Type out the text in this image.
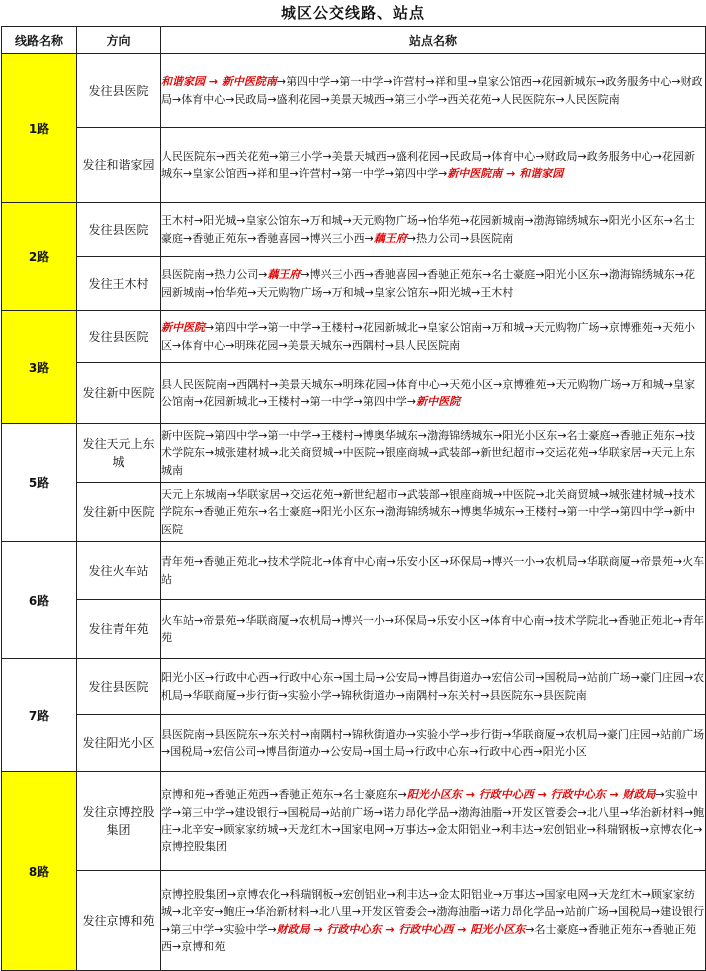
城区公交线路、站点
线路名称	方向	站点名称
1路	发往县医院	和谐家园 → 新中医院南→第四中学→第一中学→许营村→祥和里→皇家公馆西→花园新城东→政务服务中心→财政局→体育中心→民政局→盛利花园→美景天城西→第三小学→西关花苑→人民医院东→人民医院南
	发往和谐家园	人民医院东→西关花苑→第三小学→美景天城西→盛利花园→民政局→体育中心→财政局→政务服务中心→花园新城东→皇家公馆西→祥和里→许营村→第一中学→第四中学→新中医院南 → 和谐家园
2路	发往县医院	王木村→阳光城→皇家公馆东→万和城→天元购物广场→怡华苑→花园新城南→渤海锦绣城东→阳光小区东→名士豪庭→香驰正苑东→香驰喜园→博兴三小西→藕王府→热力公司→县医院南
	发往王木村	县医院南→热力公司→藕王府→博兴三小西→香驰喜园→香驰正苑东→名士豪庭→阳光小区东→渤海锦绣城东→花园新城南→怡华苑→天元购物广场→万和城→皇家公馆东→阳光城→王木村
3路	发往县医院	新中医院→第四中学→第一中学→王楼村→花园新城北→皇家公馆南→万和城→天元购物广场→京博雅苑→天苑小区→体育中心→明珠花园→美景天城东→西隅村→县人民医院南
	发往新中医院	县人民医院南→西隅村→美景天城东→明珠花园→体育中心→天苑小区→京博雅苑→天元购物广场→万和城→皇家公馆南→花园新城北→王楼村→第一中学→第四中学→新中医院
5路	发往天元上东城	新中医院→第四中学→第一中学→王楼村→博奥华城东→渤海锦绣城东→阳光小区东→名士豪庭→香驰正苑东→技术学院东→城张建材城→北关商贸城→中医院→银座商城→武装部→新世纪超市→交运花苑→华联家居→天元上东城南
	发往新中医院	天元上东城南→华联家居→交运花苑→新世纪超市→武装部→银座商城→中医院→北关商贸城→城张建材城→技术学院东→香驰正苑东→名士豪庭→阳光小区东→渤海锦绣城东→博奥华城东→王楼村→第一中学→第四中学→新中医院
6路	发往火车站	青年苑→香驰正苑北→技术学院北→体育中心南→乐安小区→环保局→博兴一小→农机局→华联商厦→帝景苑→火车站
	发往青年苑	火车站→帝景苑→华联商厦→农机局→博兴一小→环保局→乐安小区→体育中心南→技术学院北→香驰正苑北→青年苑
7路	发往县医院	阳光小区→行政中心西→行政中心东→国土局→公安局→博昌街道办→宏信公司→国税局→站前广场→豪门庄园→农机局→华联商厦→步行街→实验小学→锦秋街道办→南隅村→东关村→县医院东→县医院南
	发往阳光小区	县医院南→县医院东→东关村→南隅村→锦秋街道办→实验小学→步行街→华联商厦→农机局→豪门庄园→站前广场→国税局→宏信公司→博昌街道办→公安局→国土局→行政中心东→行政中心西→阳光小区
8路	发往京博控股集团	京博和苑→香驰正苑西→香驰正苑东→名士豪庭东→阳光小区东 → 行政中心西 → 行政中心东 → 财政局→实验中学→第三中学→建设银行→国税局→站前广场→诺力昂化学品→渤海油脂→开发区管委会→北八里→华治新材料→鲍庄→北辛安→顾家家纺城→天龙红木→国家电网→万事达→金太阳铝业→利丰达→宏创铝业→科瑞钢板→京博农化→京博控股集团
	发往京博和苑	京博控股集团→京博农化→科瑞钢板→宏创铝业→利丰达→金太阳铝业→万事达→国家电网→天龙红木→顾家家纺城→北辛安→鲍庄→华治新材料→北八里→开发区管委会→渤海油脂→诺力昂化学品→站前广场→国税局→建设银行→第三中学→实验中学→财政局 → 行政中心东 → 行政中心西 → 阳光小区东→名士豪庭→香驰正苑东→香驰正苑西→京博和苑
